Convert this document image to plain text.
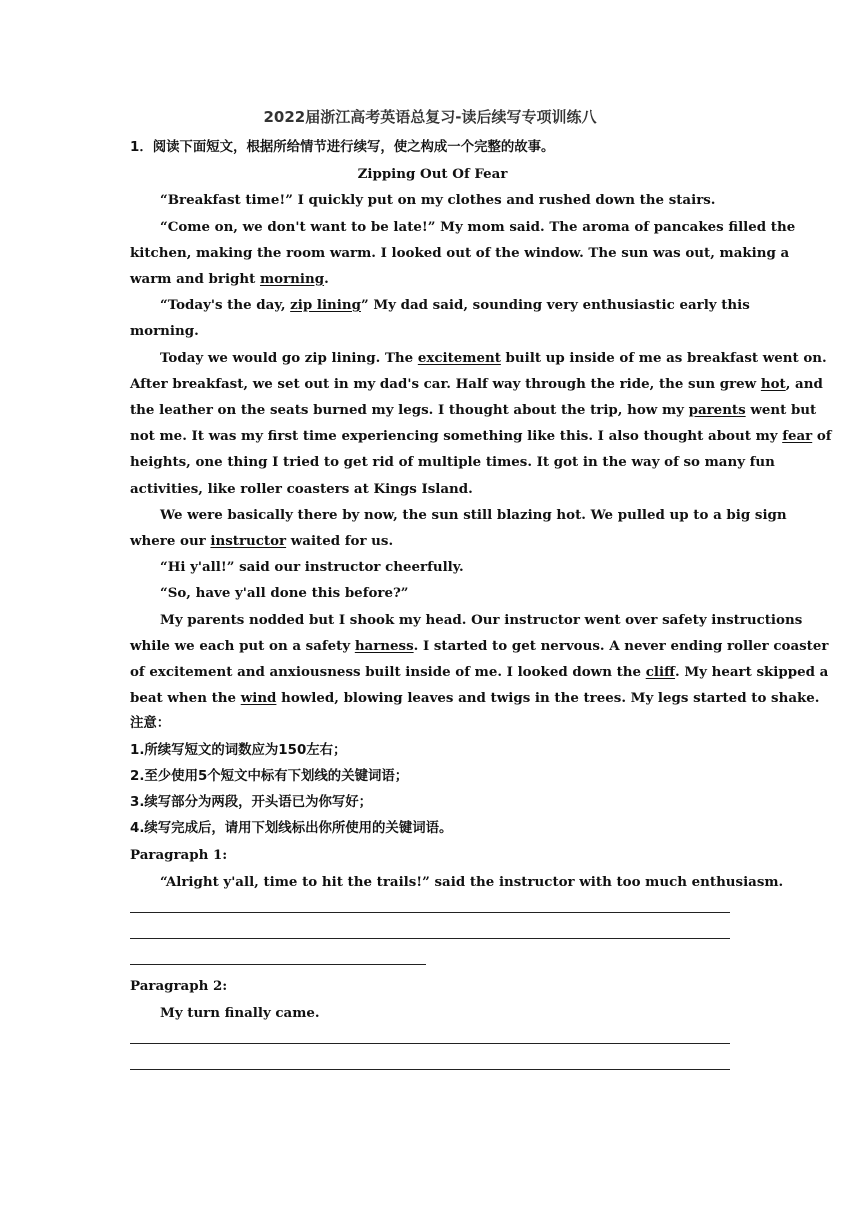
2022届浙江高考英语总复习-读后续写专项训练八
1．阅读下面短文，根据所给情节进行续写，使之构成一个完整的故事。
Zipping Out Of Fear
“Breakfast time!” I quickly put on my clothes and rushed down the stairs.
“Come on, we don't want to be late!” My mom said. The aroma of pancakes filled the
kitchen, making the room warm. I looked out of the window. The sun was out, making a
warm and bright morning.
“Today's the day, zip lining” My dad said, sounding very enthusiastic early this
morning.
Today we would go zip lining. The excitement built up inside of me as breakfast went on.
After breakfast, we set out in my dad's car. Half way through the ride, the sun grew hot, and
the leather on the seats burned my legs. I thought about the trip, how my parents went but
not me. It was my first time experiencing something like this. I also thought about my fear of
heights, one thing I tried to get rid of multiple times. It got in the way of so many fun
activities, like roller coasters at Kings Island.
We were basically there by now, the sun still blazing hot. We pulled up to a big sign
where our instructor waited for us.
“Hi y'all!” said our instructor cheerfully.
“So, have y'all done this before?”
My parents nodded but I shook my head. Our instructor went over safety instructions
while we each put on a safety harness. I started to get nervous. A never ending roller coaster
of excitement and anxiousness built inside of me. I looked down the cliff. My heart skipped a
beat when the wind howled, blowing leaves and twigs in the trees. My legs started to shake.
注意：
1.所续写短文的词数应为150左右；
2.至少使用5个短文中标有下划线的关键词语；
3.续写部分为两段，开头语已为你写好；
4.续写完成后，请用下划线标出你所使用的关键词语。
Paragraph 1:
“Alright y'all, time to hit the trails!” said the instructor with too much enthusiasm.
Paragraph 2:
My turn finally came.
